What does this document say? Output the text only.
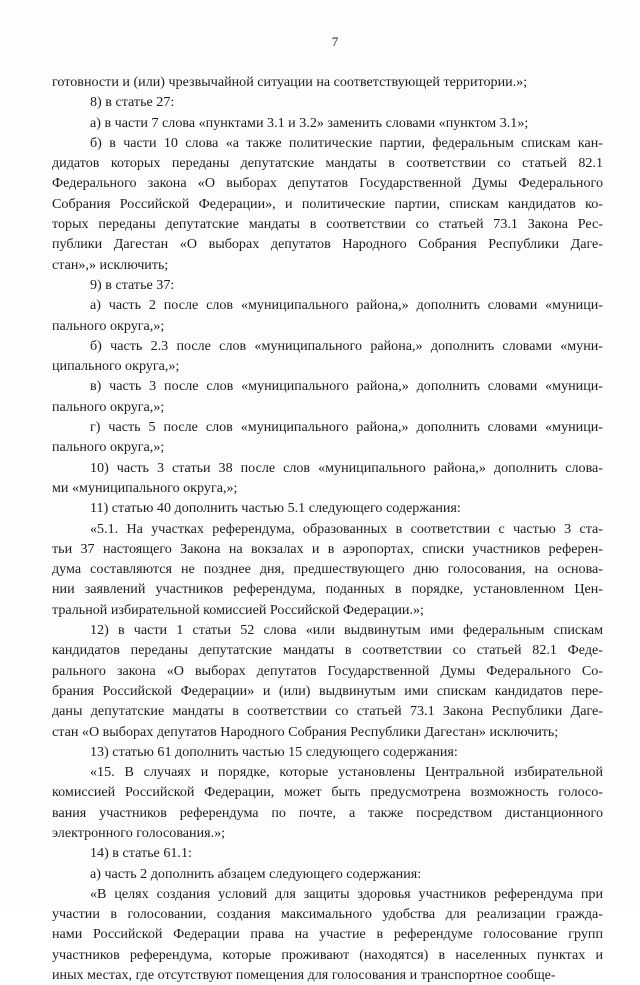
7
готовности и (или) чрезвычайной ситуации на соответствующей территории.»;
8) в статье 27:
а) в части 7 слова «пунктами 3.1 и 3.2» заменить словами «пунктом 3.1»;
б) в части 10 слова «а также политические партии, федеральным спискам кан-
дидатов которых переданы депутатские мандаты в соответствии со статьей 82.1
Федерального закона «О выборах депутатов Государственной Думы Федерального
Собрания Российской Федерации», и политические партии, спискам кандидатов ко-
торых переданы депутатские мандаты в соответствии со статьей 73.1 Закона Рес-
публики Дагестан «О выборах депутатов Народного Собрания Республики Даге-
стан»,» исключить;
9) в статье 37:
а) часть 2 после слов «муниципального района,» дополнить словами «муници-
пального округа,»;
б) часть 2.3 после слов «муниципального района,» дополнить словами «муни-
ципального округа,»;
в) часть 3 после слов «муниципального района,» дополнить словами «муници-
пального округа,»;
г) часть 5 после слов «муниципального района,» дополнить словами «муници-
пального округа,»;
10) часть 3 статьи 38 после слов «муниципального района,» дополнить слова-
ми «муниципального округа,»;
11) статью 40 дополнить частью 5.1 следующего содержания:
«5.1. На участках референдума, образованных в соответствии с частью 3 ста-
тьи 37 настоящего Закона на вокзалах и в аэропортах, списки участников референ-
дума составляются не позднее дня, предшествующего дню голосования, на основа-
нии заявлений участников референдума, поданных в порядке, установленном Цен-
тральной избирательной комиссией Российской Федерации.»;
12) в части 1 статьи 52 слова «или выдвинутым ими федеральным спискам
кандидатов переданы депутатские мандаты в соответствии со статьей 82.1 Феде-
рального закона «О выборах депутатов Государственной Думы Федерального Со-
брания Российской Федерации» и (или) выдвинутым ими спискам кандидатов пере-
даны депутатские мандаты в соответствии со статьей 73.1 Закона Республики Даге-
стан «О выборах депутатов Народного Собрания Республики Дагестан» исключить;
13) статью 61 дополнить частью 15 следующего содержания:
«15. В случаях и порядке, которые установлены Центральной избирательной
комиссией Российской Федерации, может быть предусмотрена возможность голосо-
вания участников референдума по почте, а также посредством дистанционного
электронного голосования.»;
14) в статье 61.1:
а) часть 2 дополнить абзацем следующего содержания:
«В целях создания условий для защиты здоровья участников референдума при
участии в голосовании, создания максимального удобства для реализации гражда-
нами Российской Федерации права на участие в референдуме голосование групп
участников референдума, которые проживают (находятся) в населенных пунктах и
иных местах, где отсутствуют помещения для голосования и транспортное сообще-
